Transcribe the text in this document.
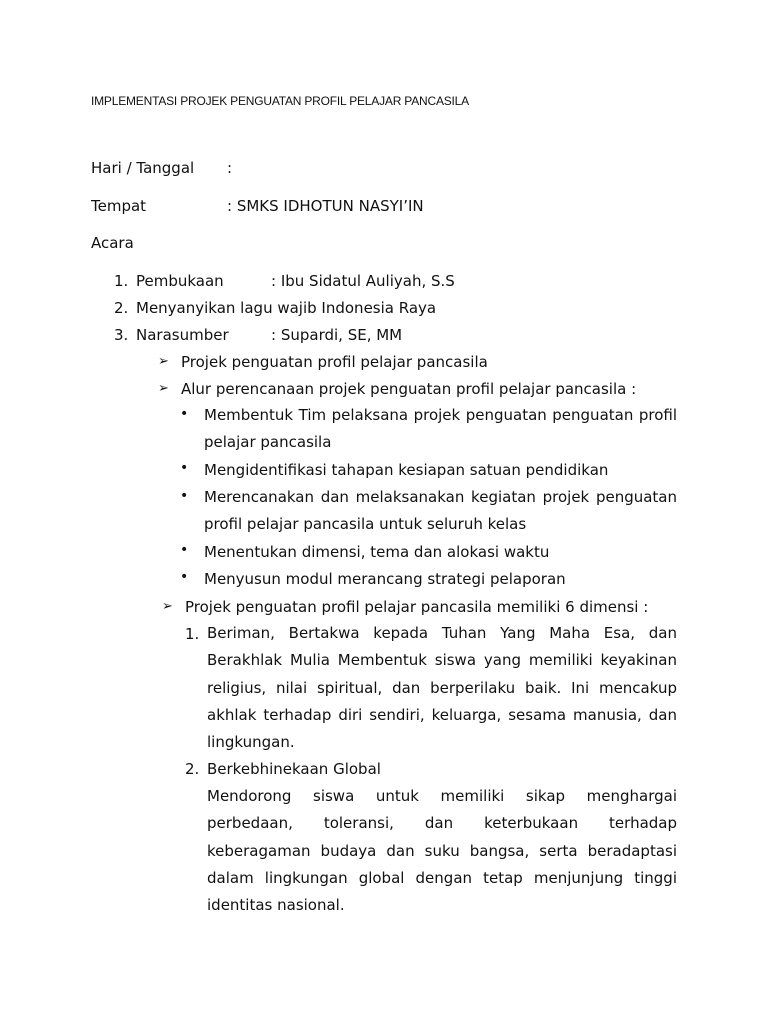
IMPLEMENTASI PROJEK PENGUATAN PROFIL PELAJAR PANCASILA
Hari / Tanggal :
Tempat	: SMKS IDHOTUN NASYI’IN
Acara
1. Pembukaan	: Ibu Sidatul Auliyah, S.S
2. Menyanyikan lagu wajib Indonesia Raya
3. Narasumber	: Supardi, SE, MM
➢ Projek penguatan profil pelajar pancasila
➢ Alur perencanaan projek penguatan profil pelajar pancasila :
• Membentuk Tim pelaksana projek penguatan penguatan profil pelajar pancasila
• Mengidentifikasi tahapan kesiapan satuan pendidikan
• Merencanakan dan melaksanakan kegiatan projek penguatan profil pelajar pancasila untuk seluruh kelas
• Menentukan dimensi, tema dan alokasi waktu
• Menyusun modul merancang strategi pelaporan
➢ Projek penguatan profil pelajar pancasila memiliki 6 dimensi :
1. Beriman, Bertakwa kepada Tuhan Yang Maha Esa, dan Berakhlak Mulia Membentuk siswa yang memiliki keyakinan religius, nilai spiritual, dan berperilaku baik. Ini mencakup akhlak terhadap diri sendiri, keluarga, sesama manusia, dan lingkungan.
2. Berkebhinekaan Global
Mendorong siswa untuk memiliki sikap menghargai perbedaan, toleransi, dan keterbukaan terhadap keberagaman budaya dan suku bangsa, serta beradaptasi dalam lingkungan global dengan tetap menjunjung tinggi identitas nasional.
